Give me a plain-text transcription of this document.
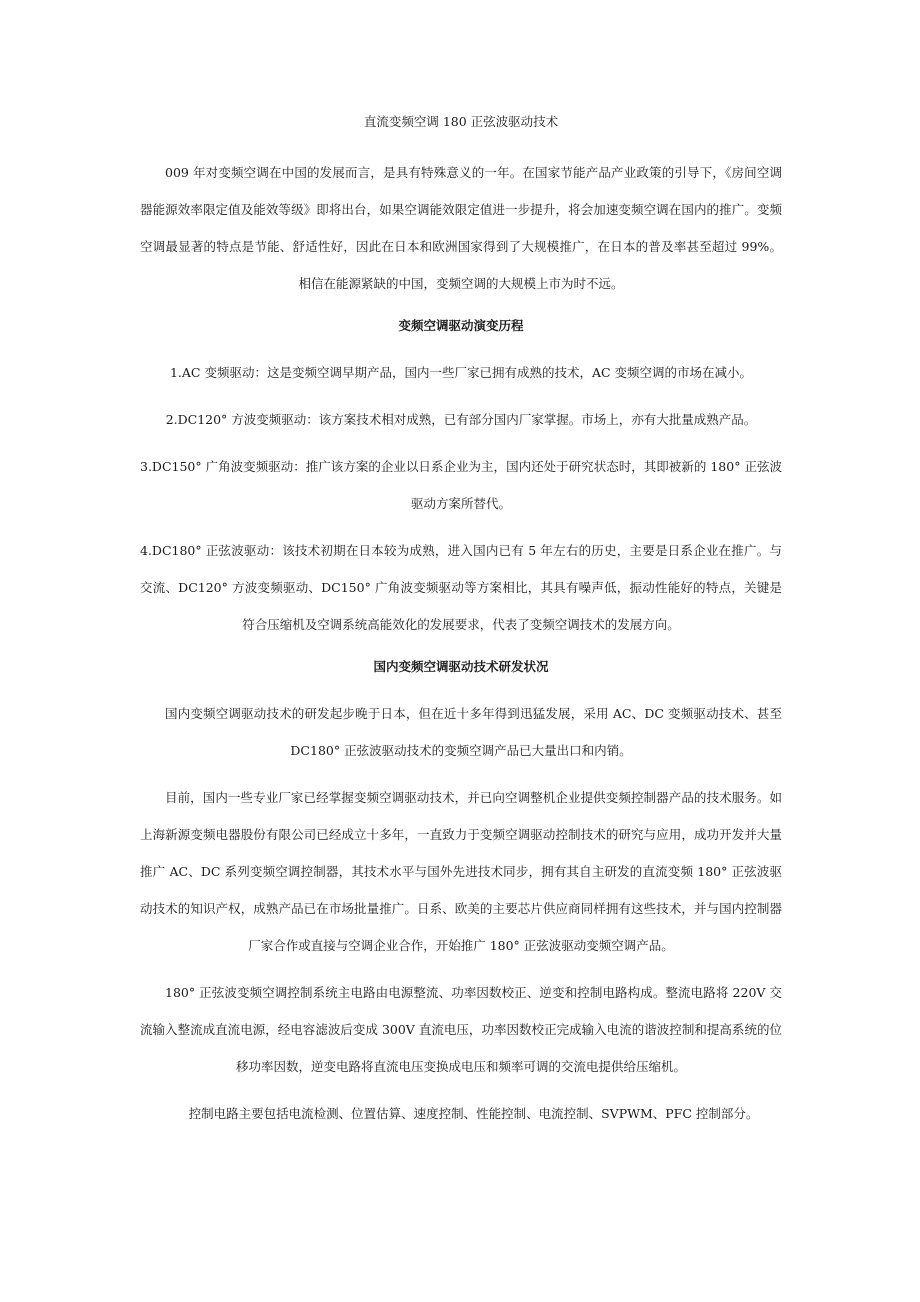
直流变频空调 180 正弦波驱动技术

009 年对变频空调在中国的发展而言，是具有特殊意义的一年。在国家节能产品产业政策的引导下，《房间空调器能源效率限定值及能效等级》即将出台，如果空调能效限定值进一步提升，将会加速变频空调在国内的推广。变频空调最显著的特点是节能、舒适性好，因此在日本和欧洲国家得到了大规模推广，在日本的普及率甚至超过 99%。相信在能源紧缺的中国，变频空调的大规模上市为时不远。

变频空调驱动演变历程

1.AC 变频驱动：这是变频空调早期产品，国内一些厂家已拥有成熟的技术，AC 变频空调的市场在减小。

2.DC120° 方波变频驱动：该方案技术相对成熟，已有部分国内厂家掌握。市场上，亦有大批量成熟产品。

3.DC150° 广角波变频驱动：推广该方案的企业以日系企业为主，国内还处于研究状态时，其即被新的 180° 正弦波驱动方案所替代。

4.DC180° 正弦波驱动：该技术初期在日本较为成熟，进入国内已有 5 年左右的历史，主要是日系企业在推广。与交流、DC120° 方波变频驱动、DC150° 广角波变频驱动等方案相比，其具有噪声低，振动性能好的特点，关键是符合压缩机及空调系统高能效化的发展要求，代表了变频空调技术的发展方向。

国内变频空调驱动技术研发状况

国内变频空调驱动技术的研发起步晚于日本，但在近十多年得到迅猛发展，采用 AC、DC 变频驱动技术、甚至 DC180° 正弦波驱动技术的变频空调产品已大量出口和内销。

目前，国内一些专业厂家已经掌握变频空调驱动技术，并已向空调整机企业提供变频控制器产品的技术服务。如上海新源变频电器股份有限公司已经成立十多年，一直致力于变频空调驱动控制技术的研究与应用，成功开发并大量推广 AC、DC 系列变频空调控制器，其技术水平与国外先进技术同步，拥有其自主研发的直流变频 180° 正弦波驱动技术的知识产权，成熟产品已在市场批量推广。日系、欧美的主要芯片供应商同样拥有这些技术，并与国内控制器厂家合作或直接与空调企业合作，开始推广 180° 正弦波驱动变频空调产品。

180° 正弦波变频空调控制系统主电路由电源整流、功率因数校正、逆变和控制电路构成。整流电路将 220V 交流输入整流成直流电源，经电容滤波后变成 300V 直流电压，功率因数校正完成输入电流的谐波控制和提高系统的位移功率因数，逆变电路将直流电压变换成电压和频率可调的交流电提供给压缩机。

控制电路主要包括电流检测、位置估算、速度控制、性能控制、电流控制、SVPWM、PFC 控制部分。
